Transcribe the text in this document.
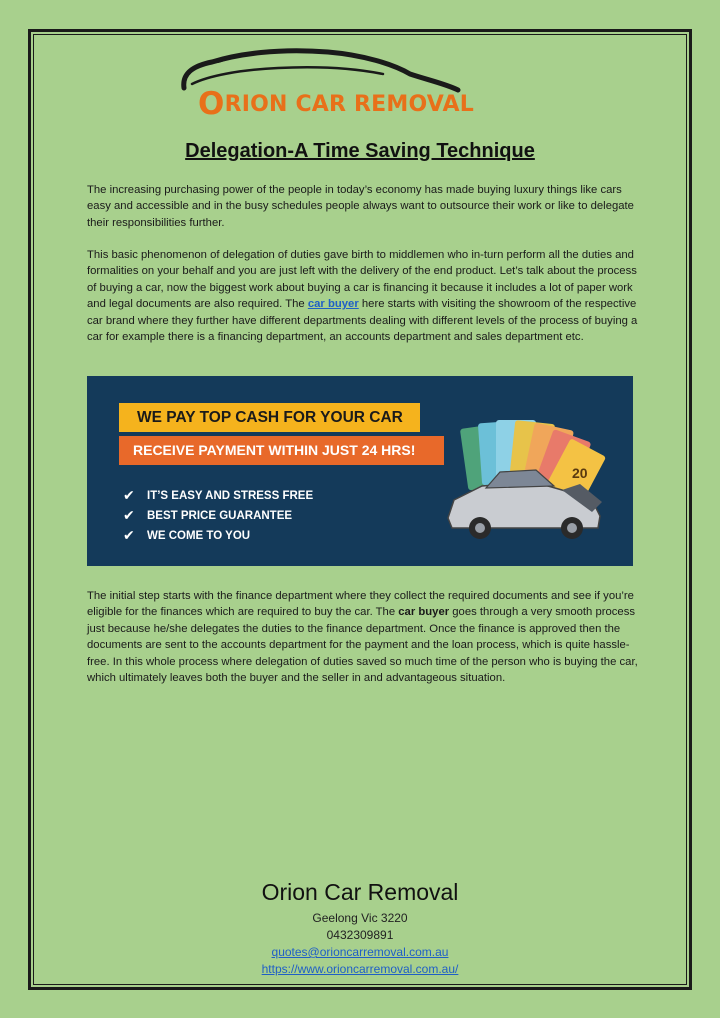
ORION CAR REMOVAL
Delegation-A Time Saving Technique

The increasing purchasing power of the people in today’s economy has made buying luxury things like cars easy and accessible and in the busy schedules people always want to outsource their work or like to delegate their responsibilities further.

This basic phenomenon of delegation of duties gave birth to middlemen who in-turn perform all the duties and formalities on your behalf and you are just left with the delivery of the end product. Let’s talk about the process of buying a car, now the biggest work about buying a car is financing it because it includes a lot of paper work and legal documents are also required. The car buyer here starts with visiting the showroom of the respective car brand where they further have different departments dealing with different levels of the process of buying a car for example there is a financing department, an accounts department and sales department etc.

WE PAY TOP CASH FOR YOUR CAR
RECEIVE PAYMENT WITHIN JUST 24 HRS!
✔ IT’S EASY AND STRESS FREE
✔ BEST PRICE GUARANTEE
✔ WE COME TO YOU
20

The initial step starts with the finance department where they collect the required documents and see if you’re eligible for the finances which are required to buy the car. The car buyer goes through a very smooth process just because he/she delegates the duties to the finance department. Once the finance is approved then the documents are sent to the accounts department for the payment and the loan process, which is quite hassle-free. In this whole process where delegation of duties saved so much time of the person who is buying the car, which ultimately leaves both the buyer and the seller in and advantageous situation.

Orion Car Removal
Geelong Vic 3220
0432309891
quotes@orioncarremoval.com.au
https://www.orioncarremoval.com.au/
